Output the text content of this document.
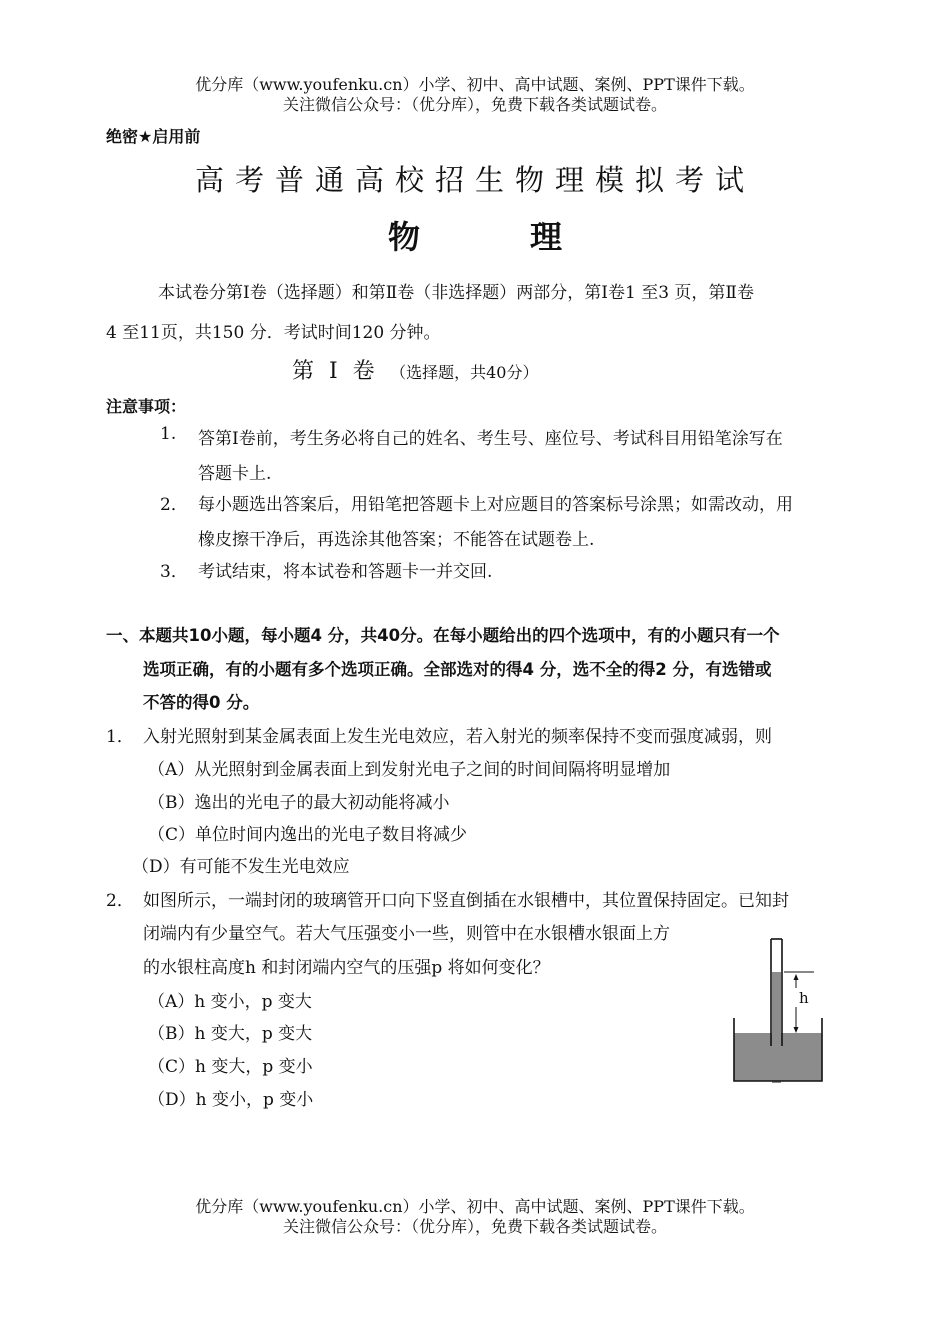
优分库（www.youfenku.cn）小学、初中、高中试题、案例、PPT课件下载。
关注微信公众号：（优分库），免费下载各类试题试卷。
绝密★启用前
高考普通高校招生物理模拟考试
物	理
本试卷分第Ⅰ卷（选择题）和第Ⅱ卷（非选择题）两部分，第Ⅰ卷1 至3 页，第Ⅱ卷
4 至11页，共150 分．考试时间120 分钟。
第 Ⅰ 卷 （选择题，共40分）
注意事项：
1. 答第Ⅰ卷前，考生务必将自己的姓名、考生号、座位号、考试科目用铅笔涂写在
答题卡上.
2． 每小题选出答案后，用铅笔把答题卡上对应题目的答案标号涂黑；如需改动，用
橡皮擦干净后，再选涂其他答案；不能答在试题卷上.
3． 考试结束，将本试卷和答题卡一并交回.
一、本题共10小题，每小题4 分，共40分。在每小题给出的四个选项中，有的小题只有一个
选项正确，有的小题有多个选项正确。全部选对的得4 分，选不全的得2 分，有选错或
不答的得0 分。
1． 入射光照射到某金属表面上发生光电效应，若入射光的频率保持不变而强度减弱，则
（A）从光照射到金属表面上到发射光电子之间的时间间隔将明显增加
（B）逸出的光电子的最大初动能将减小
（C）单位时间内逸出的光电子数目将减少
（D）有可能不发生光电效应
2． 如图所示，一端封闭的玻璃管开口向下竖直倒插在水银槽中，其位置保持固定。已知封
闭端内有少量空气。若大气压强变小一些，则管中在水银槽水银面上方
的水银柱高度h 和封闭端内空气的压强p 将如何变化？
（A）h 变小，p 变大
（B）h 变大，p 变大
（C）h 变大，p 变小
（D）h 变小，p 变小
h
优分库（www.youfenku.cn）小学、初中、高中试题、案例、PPT课件下载。
关注微信公众号：（优分库），免费下载各类试题试卷。
